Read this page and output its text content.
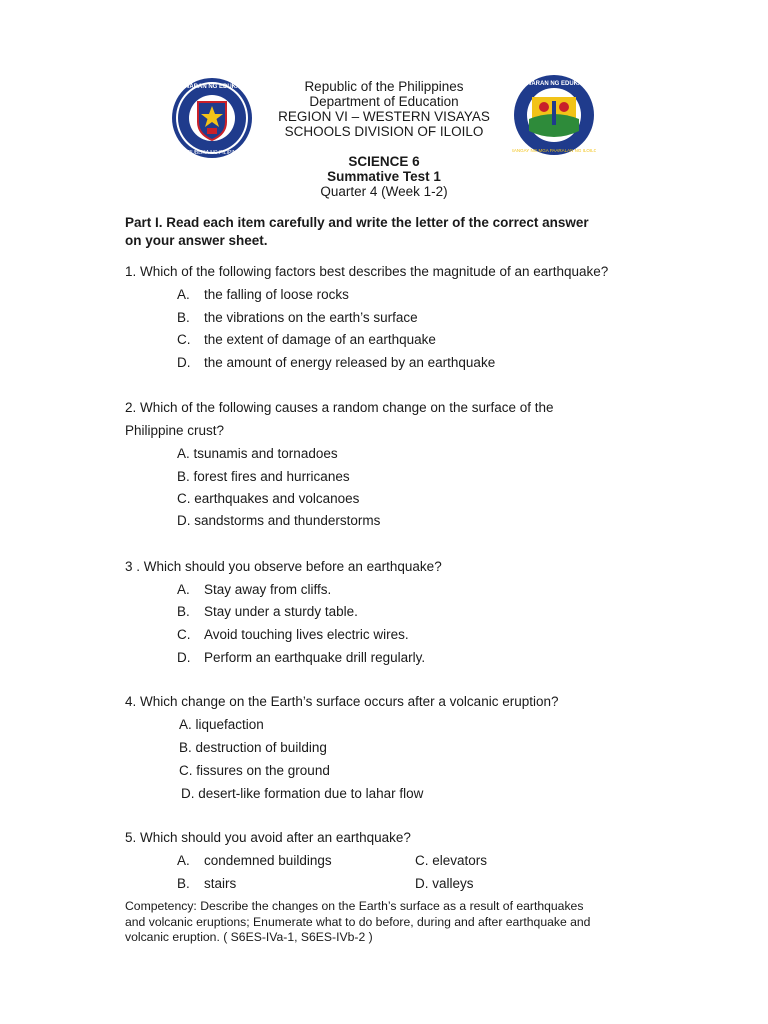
KAGAWARAN NG EDUKASYON
REPUBLIKA NG PILIPINAS
KAGAWARAN NG EDUKASYON
SANGAY NG MGA PAARALAN NG ILOILO
Republic of the Philippines
Department of Education
REGION VI – WESTERN VISAYAS
SCHOOLS DIVISION OF ILOILO
SCIENCE 6
Summative Test 1
Quarter 4 (Week 1-2)
Part I. Read each item carefully and write the letter of the correct answer
on your answer sheet.
1. Which of the following factors best describes the magnitude of an earthquake?
A. the falling of loose rocks
B. the vibrations on the earth’s surface
C. the extent of damage of an earthquake
D. the amount of energy released by an earthquake
2. Which of the following causes a random change on the surface of the
Philippine crust?
A. tsunamis and tornadoes
B. forest fires and hurricanes
C. earthquakes and volcanoes
D. sandstorms and thunderstorms
3 . Which should you observe before an earthquake?
A. Stay away from cliffs.
B. Stay under a sturdy table.
C. Avoid touching lives electric wires.
D. Perform an earthquake drill regularly.
4. Which change on the Earth’s surface occurs after a volcanic eruption?
A. liquefaction
B. destruction of building
C. fissures on the ground
D. desert-like formation due to lahar flow
5. Which should you avoid after an earthquake?
A. condemned buildings	C. elevators
B. stairs	D. valleys
Competency: Describe the changes on the Earth’s surface as a result of earthquakes
and volcanic eruptions; Enumerate what to do before, during and after earthquake and
volcanic eruption. ( S6ES-IVa-1, S6ES-IVb-2 )
